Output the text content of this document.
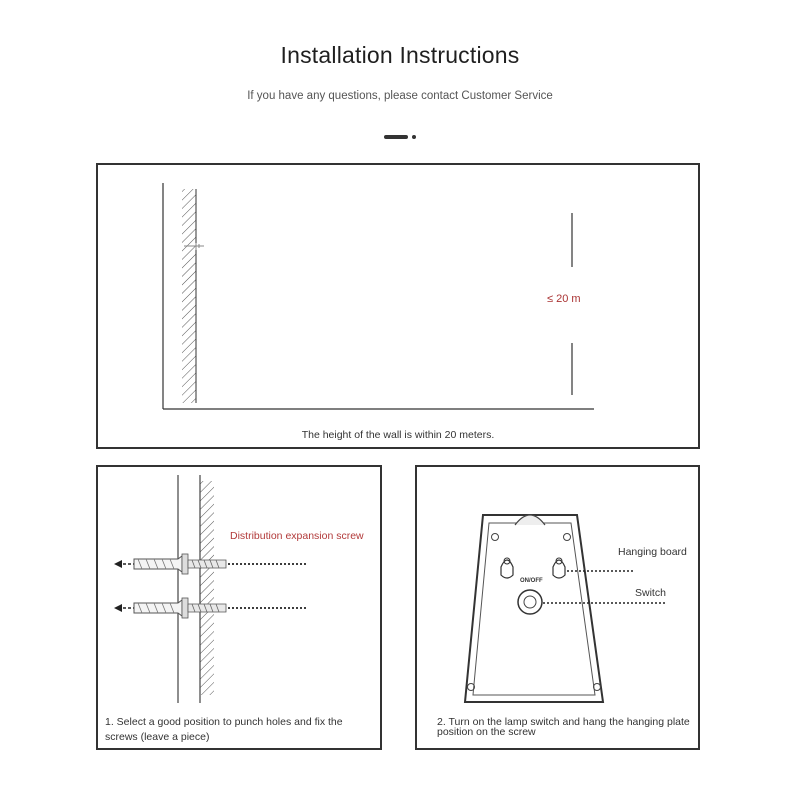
Installation Instructions
If you have any questions, please contact Customer Service
≤ 20 m
The height of the wall is within 20 meters.
Distribution expansion screw
1. Select a good position to punch holes and fix the screws (leave a piece)
ON/OFF
Hanging board
Switch
2. Turn on the lamp switch and hang the hanging plate position on the screw
